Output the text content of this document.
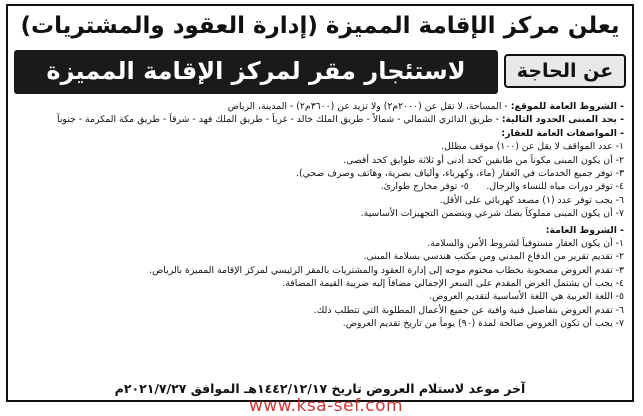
يعلن مركز الإقامة المميزة (إدارة العقود والمشتريات)
عن الحاجة
لاستئجار مقر لمركز الإقامة المميزة
- الشروط العامة للموقع: - المساحة، لا تقل عن (٢٠٠٠م٢) ولا تزيد عن (٣٦٠٠م٢) - المدينة، الرياض
- يحد المبنى الحدود التالية: - طريق الدائري الشمالي - شمالاً - طريق الملك خالد - غرباً - طريق الملك فهد - شرقاً - طريق مكة المكرمة - جنوباً
- المواصفات العامة للعقار:
١- عدد المواقف لا يقل عن (١٠٠) موقف مظلل.
٢- أن يكون المبنى مكوناً من طابقين كحد أدنى أو ثلاثة طوابق كحد أقصى.
٣- توفر جميع الخدمات في العقار (ماء، وكهرباء، وألياف بصرية، وهاتف وصرف صحي).
٤- توفر دورات مياه للنساء والرجال.      ٥- توفر مخارج طوارئ.
٦- يجب توفر عدد (١) مصعد كهربائي على الأقل.
٧- أن يكون المبنى مملوكاً بصك شرعي ويتضمن التجهيزات الأساسية.
- الشروط العامة:
١- أن يكون العقار مستوفياً لشروط الأمن والسلامة.
٢- تقديم تقرير من الدفاع المدني ومن مكتب هندسي بسلامة المبنى.
٣- تقدم العروض مصحوبة بخطاب مختوم موجه إلى إدارة العقود والمشتريات بالمقر الرئيسي لمركز الإقامة المميزة بالرياض.
٤- يجب أن يشتمل العرض المقدم على السعر الإجمالي مضافاً إليه ضريبة القيمة المضافة.
٥- اللغة العربية هي اللغة الأساسية لتقديم العروض.
٦- تقدم العروض بتفاصيل فنية وافية عن جميع الأعمال المطلوبة التي تتطلب ذلك.
٧- يجب أن تكون العروض صالحة لمدة (٩٠) يوماً من تاريخ تقديم العروض.
آخر موعد لاستلام العروض تاريخ ١٤٤٢/١٢/١٧هـ الموافق ٢٠٢١/٧/٢٧م
www.ksa-sef.com
